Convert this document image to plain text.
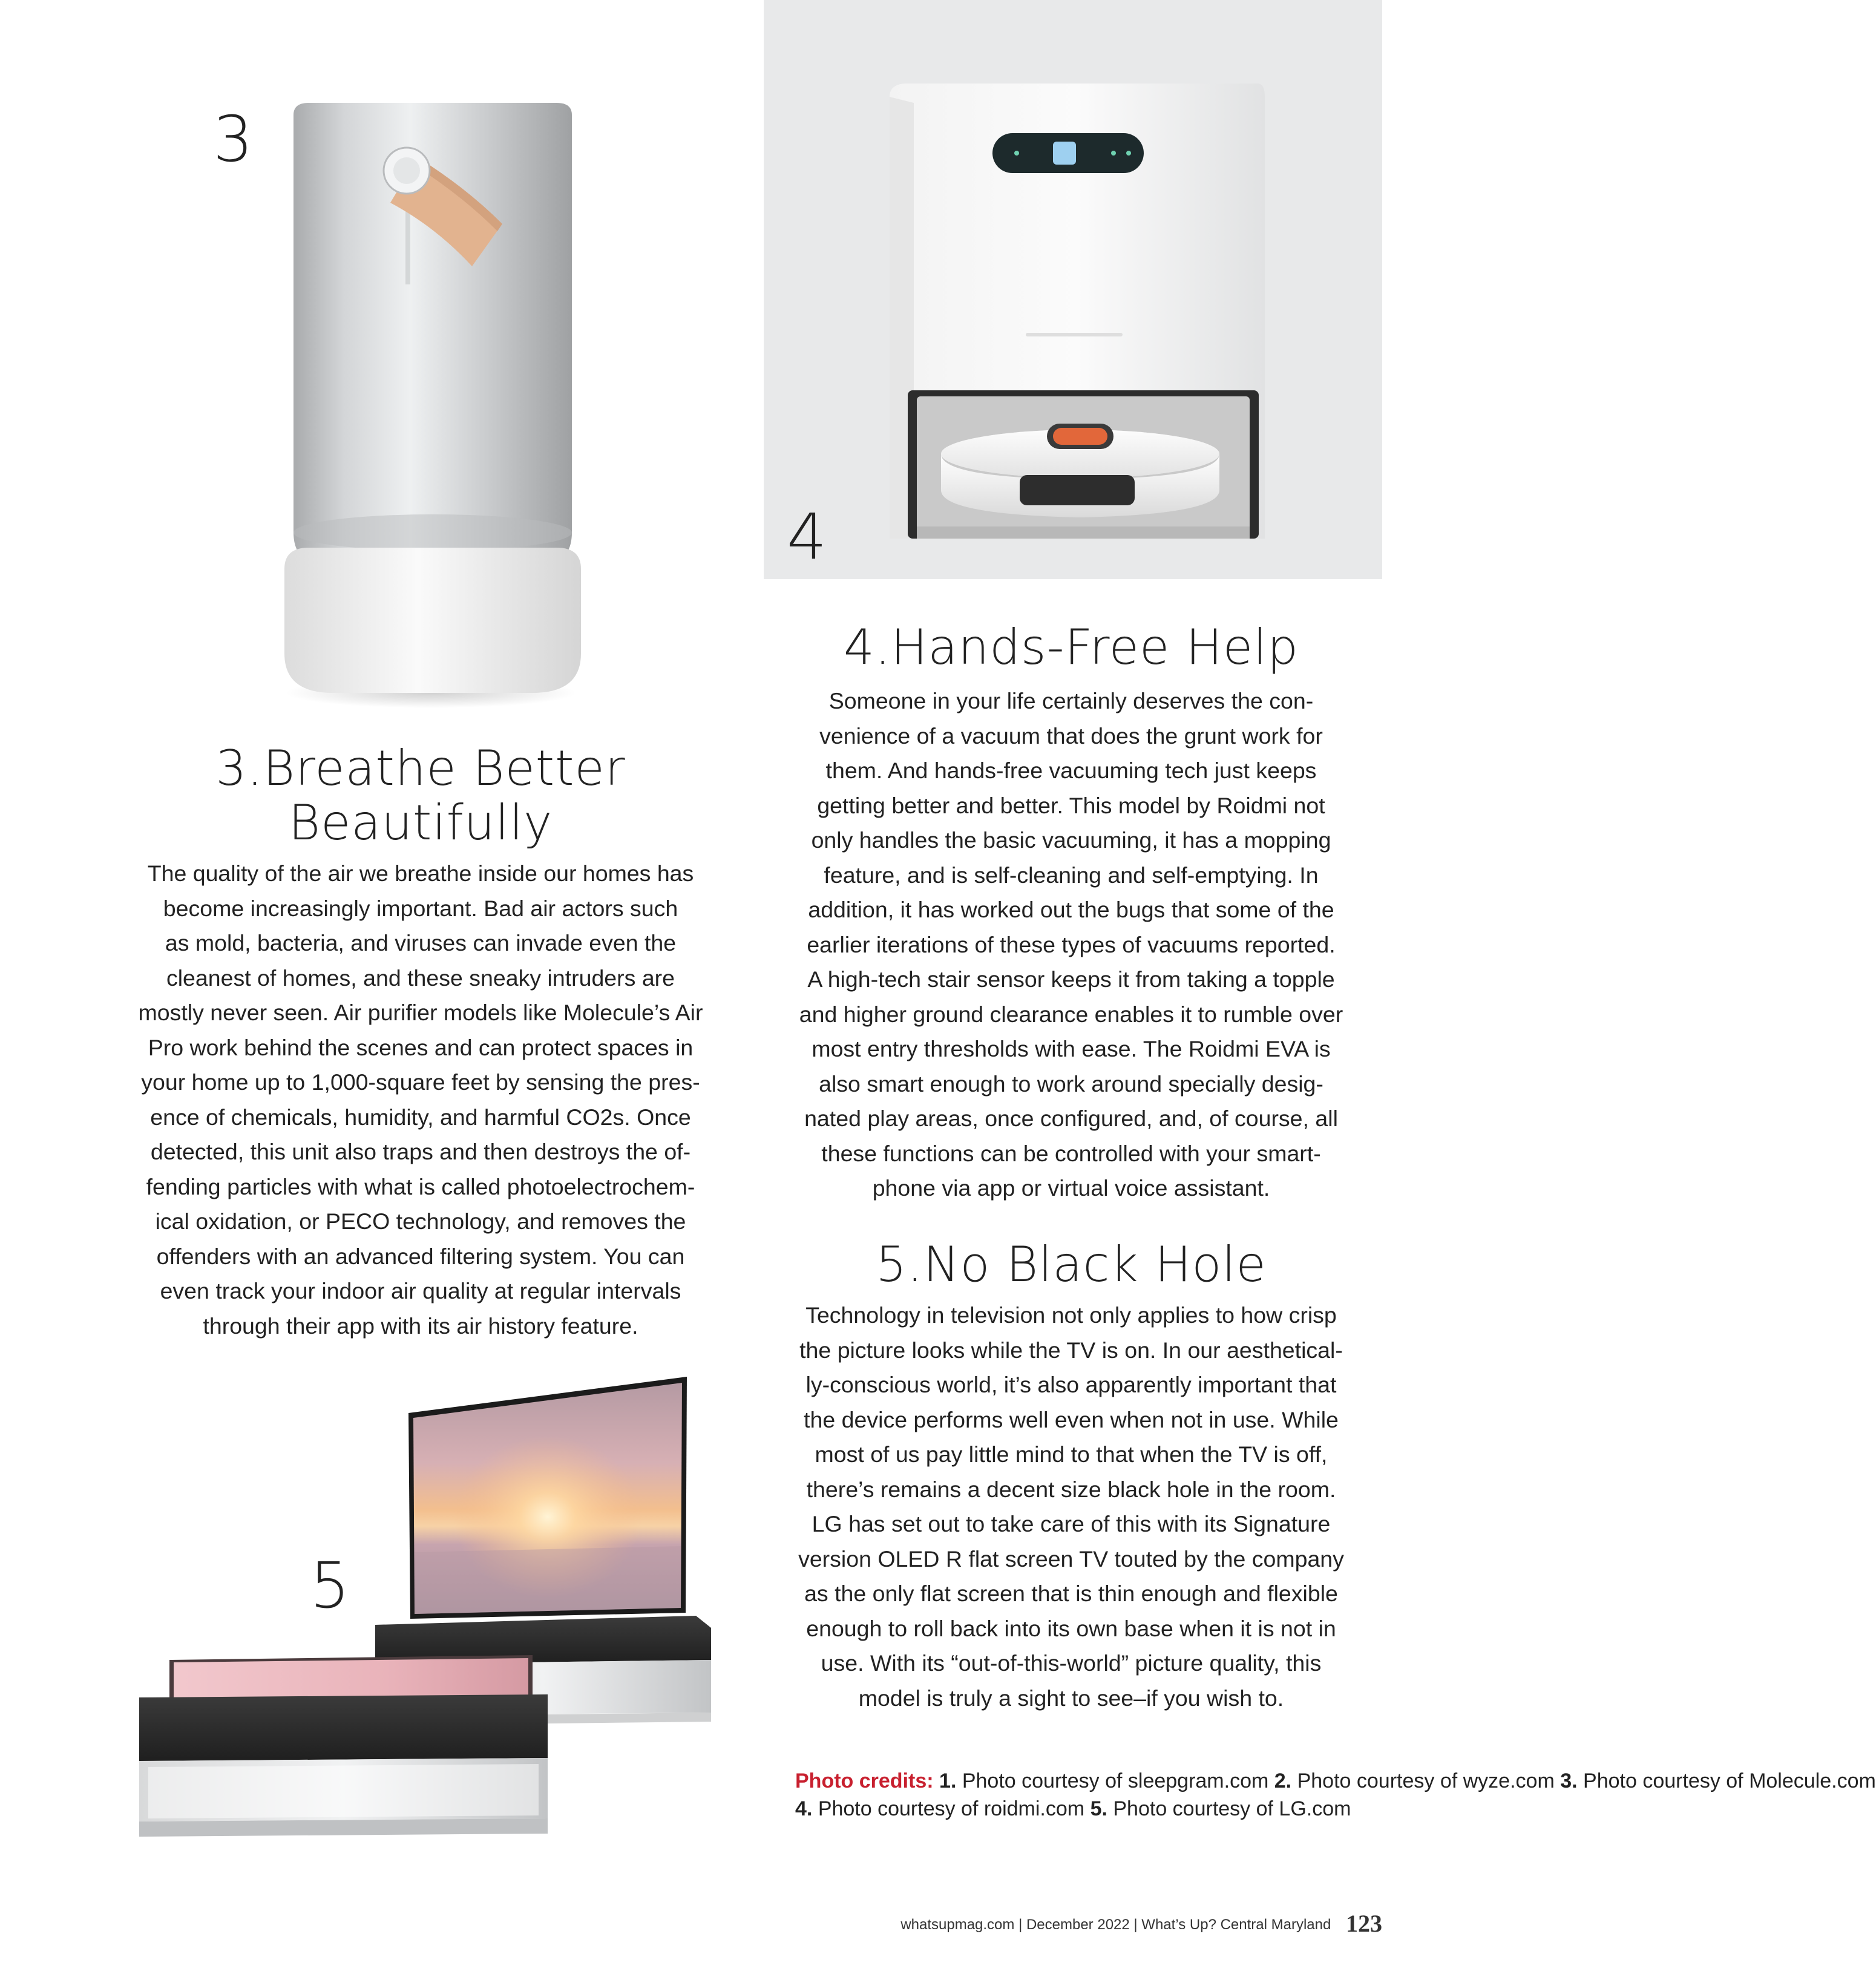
3
4
3.Breathe Better
Beautifully
The quality of the air we breathe inside our homes has
become increasingly important. Bad air actors such
as mold, bacteria, and viruses can invade even the
cleanest of homes, and these sneaky intruders are
mostly never seen. Air purifier models like Molecule’s Air
Pro work behind the scenes and can protect spaces in
your home up to 1,000-square feet by sensing the pres-
ence of chemicals, humidity, and harmful CO2s. Once
detected, this unit also traps and then destroys the of-
fending particles with what is called photoelectrochem-
ical oxidation, or PECO technology, and removes the
offenders with an advanced filtering system. You can
even track your indoor air quality at regular intervals
through their app with its air history feature.
4.Hands-Free Help
Someone in your life certainly deserves the con-
venience of a vacuum that does the grunt work for
them. And hands-free vacuuming tech just keeps
getting better and better. This model by Roidmi not
only handles the basic vacuuming, it has a mopping
feature, and is self-cleaning and self-emptying. In
addition, it has worked out the bugs that some of the
earlier iterations of these types of vacuums reported.
A high-tech stair sensor keeps it from taking a topple
and higher ground clearance enables it to rumble over
most entry thresholds with ease. The Roidmi EVA is
also smart enough to work around specially desig-
nated play areas, once configured, and, of course, all
these functions can be controlled with your smart-
phone via app or virtual voice assistant.
5.No Black Hole
Technology in television not only applies to how crisp
the picture looks while the TV is on. In our aesthetical-
ly-conscious world, it’s also apparently important that
the device performs well even when not in use. While
most of us pay little mind to that when the TV is off,
there’s remains a decent size black hole in the room.
LG has set out to take care of this with its Signature
version OLED R flat screen TV touted by the company
as the only flat screen that is thin enough and flexible
enough to roll back into its own base when it is not in
use. With its “out-of-this-world” picture quality, this
model is truly a sight to see–if you wish to.
5
Photo credits: 1. Photo courtesy of sleepgram.com 2. Photo courtesy of wyze.com 3. Photo courtesy of Molecule.com
4. Photo courtesy of roidmi.com 5. Photo courtesy of LG.com
whatsupmag.com | December 2022 | What’s Up? Central Maryland 123
